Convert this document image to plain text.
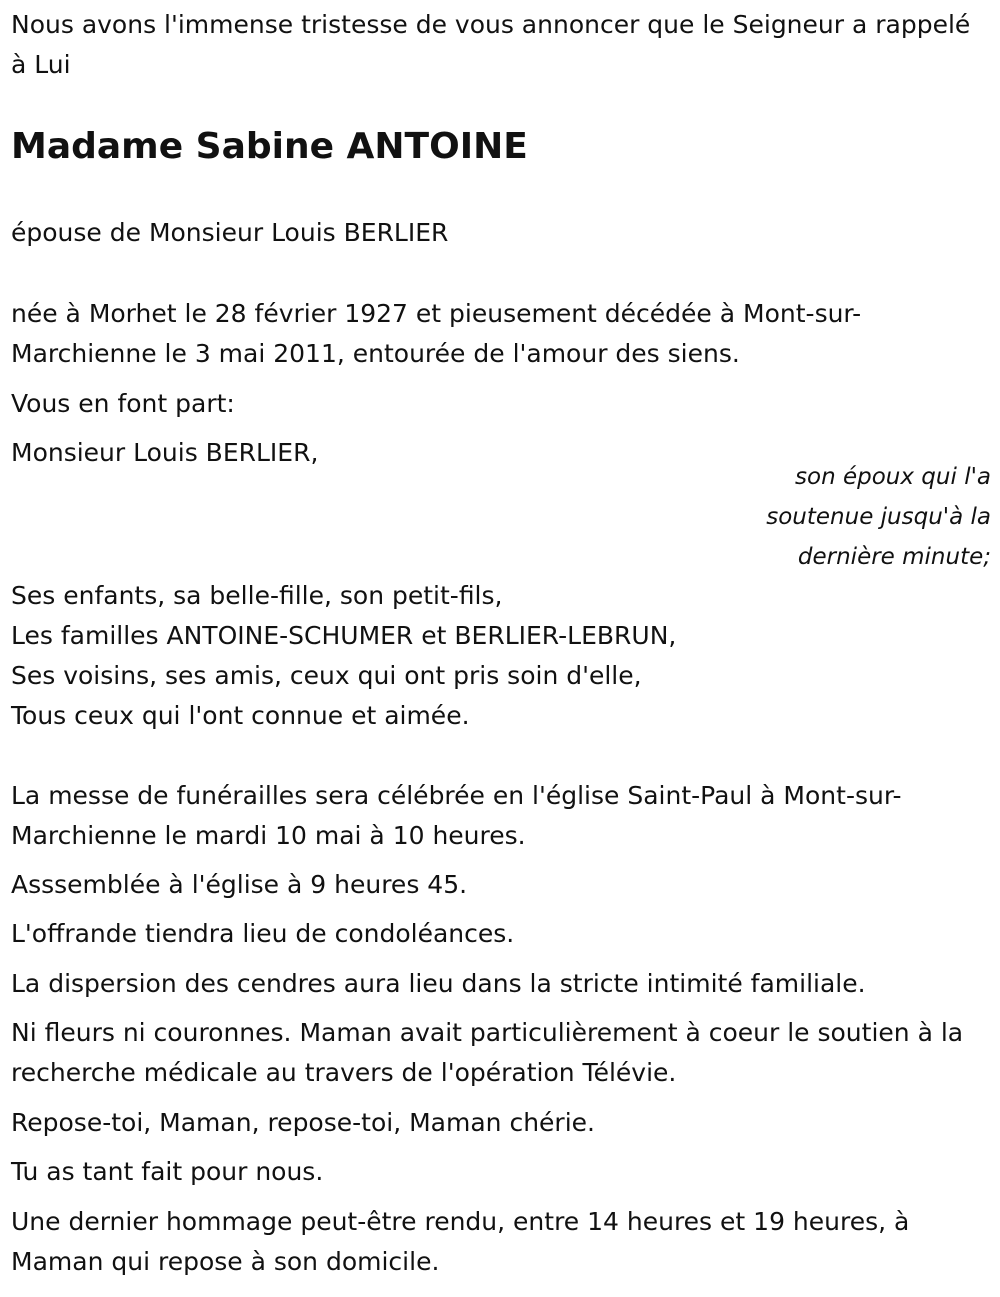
Nous avons l'immense tristesse de vous annoncer que le Seigneur a rappelé à Lui

Madame Sabine ANTOINE

épouse de Monsieur Louis BERLIER

née à Morhet le 28 février 1927 et pieusement décédée à Mont-sur-Marchienne le 3 mai 2011, entourée de l'amour des siens.

Vous en font part:

Monsieur Louis BERLIER,

son époux qui l'a
soutenue jusqu'à la
dernière minute;

Ses enfants, sa belle-fille, son petit-fils,
Les familles ANTOINE-SCHUMER et BERLIER-LEBRUN,
Ses voisins, ses amis, ceux qui ont pris soin d'elle,
Tous ceux qui l'ont connue et aimée.

La messe de funérailles sera célébrée en l'église Saint-Paul à Mont-sur-Marchienne le mardi 10 mai à 10 heures.

Asssemblée à l'église à 9 heures 45.

L'offrande tiendra lieu de condoléances.

La dispersion des cendres aura lieu dans la stricte intimité familiale.

Ni fleurs ni couronnes. Maman avait particulièrement à coeur le soutien à la recherche médicale au travers de l'opération Télévie.

Repose-toi, Maman, repose-toi, Maman chérie.

Tu as tant fait pour nous.

Une dernier hommage peut-être rendu, entre 14 heures et 19 heures, à Maman qui repose à son domicile.
